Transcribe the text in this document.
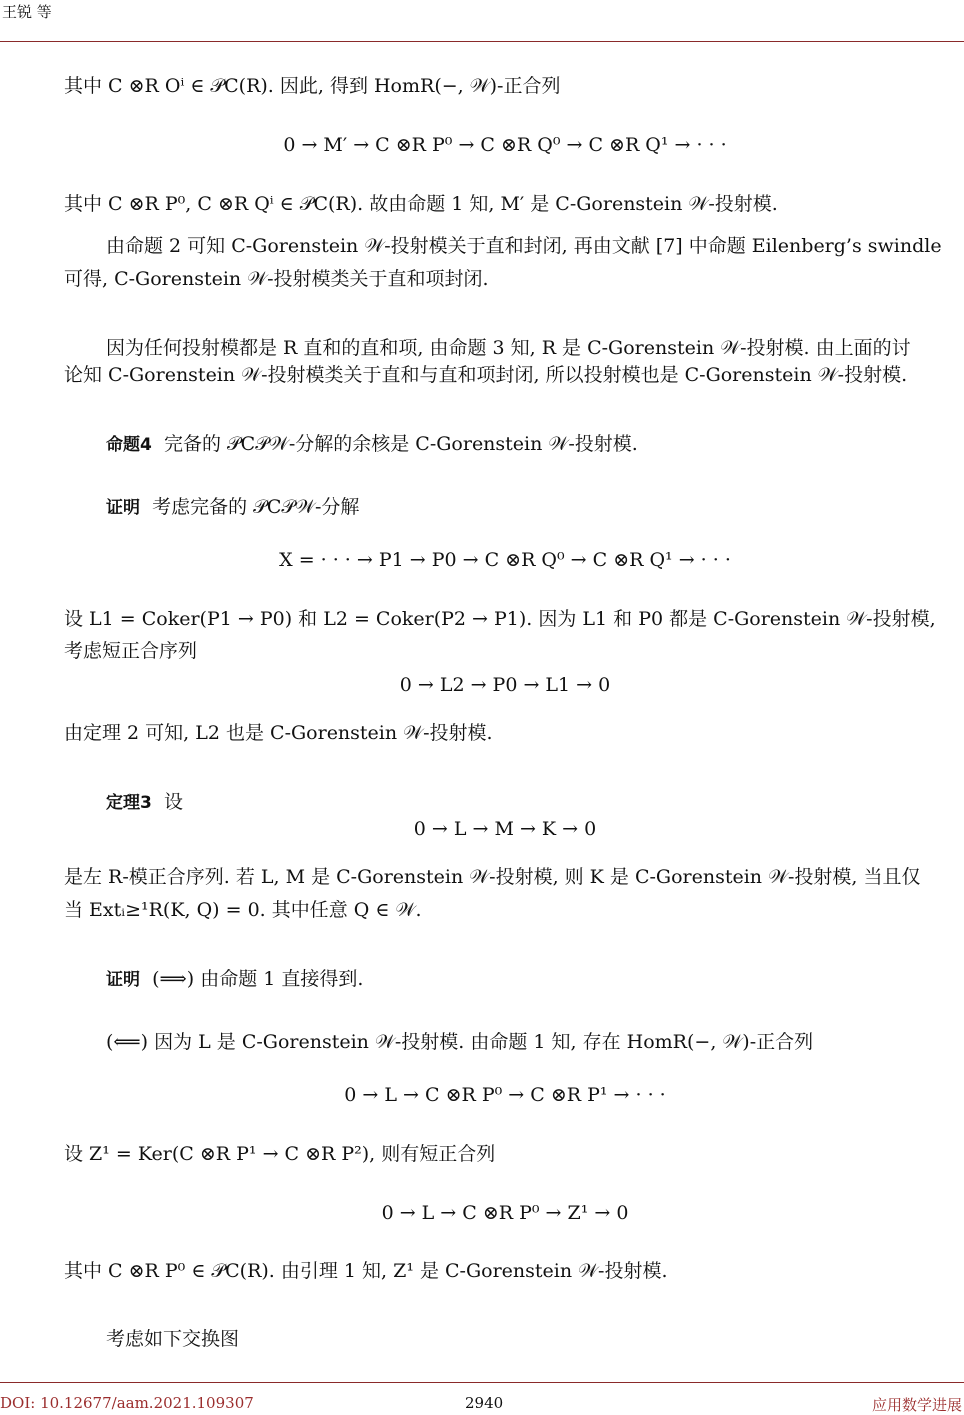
王锐 等
其中 C ⊗R Oⁱ ∈ 𝒫C(R). 因此, 得到 HomR(−, 𝒲)-正合列
0 → M′ → C ⊗R P⁰ → C ⊗R Q⁰ → C ⊗R Q¹ → · · ·
其中 C ⊗R P⁰, C ⊗R Qⁱ ∈ 𝒫C(R). 故由命题 1 知, M′ 是 C-Gorenstein 𝒲-投射模.
由命题 2 可知 C-Gorenstein 𝒲-投射模关于直和封闭, 再由文献 [7] 中命题 Eilenberg’s swindle
可得, C-Gorenstein 𝒲-投射模类关于直和项封闭.
因为任何投射模都是 R 直和的直和项, 由命题 3 知, R 是 C-Gorenstein 𝒲-投射模. 由上面的讨
论知 C-Gorenstein 𝒲-投射模类关于直和与直和项封闭, 所以投射模也是 C-Gorenstein 𝒲-投射模.
命题4 完备的 𝒫C𝒫𝒲-分解的余核是 C-Gorenstein 𝒲-投射模.
证明 考虑完备的 𝒫C𝒫𝒲-分解
X = · · · → P1 → P0 → C ⊗R Q⁰ → C ⊗R Q¹ → · · ·
设 L1 = Coker(P1 → P0) 和 L2 = Coker(P2 → P1). 因为 L1 和 P0 都是 C-Gorenstein 𝒲-投射模,
考虑短正合序列
0 → L2 → P0 → L1 → 0
由定理 2 可知, L2 也是 C-Gorenstein 𝒲-投射模.
定理3 设
0 → L → M → K → 0
是左 R-模正合序列. 若 L, M 是 C-Gorenstein 𝒲-投射模, 则 K 是 C-Gorenstein 𝒲-投射模, 当且仅
当 Extᵢ≥¹R(K, Q) = 0. 其中任意 Q ∈ 𝒲.
证明 (⟹) 由命题 1 直接得到.
(⟸) 因为 L 是 C-Gorenstein 𝒲-投射模. 由命题 1 知, 存在 HomR(−, 𝒲)-正合列
0 → L → C ⊗R P⁰ → C ⊗R P¹ → · · ·
设 Z¹ = Ker(C ⊗R P¹ → C ⊗R P²), 则有短正合列
0 → L → C ⊗R P⁰ → Z¹ → 0
其中 C ⊗R P⁰ ∈ 𝒫C(R). 由引理 1 知, Z¹ 是 C-Gorenstein 𝒲-投射模.
考虑如下交换图
DOI: 10.12677/aam.2021.109307	2940	应用数学进展
